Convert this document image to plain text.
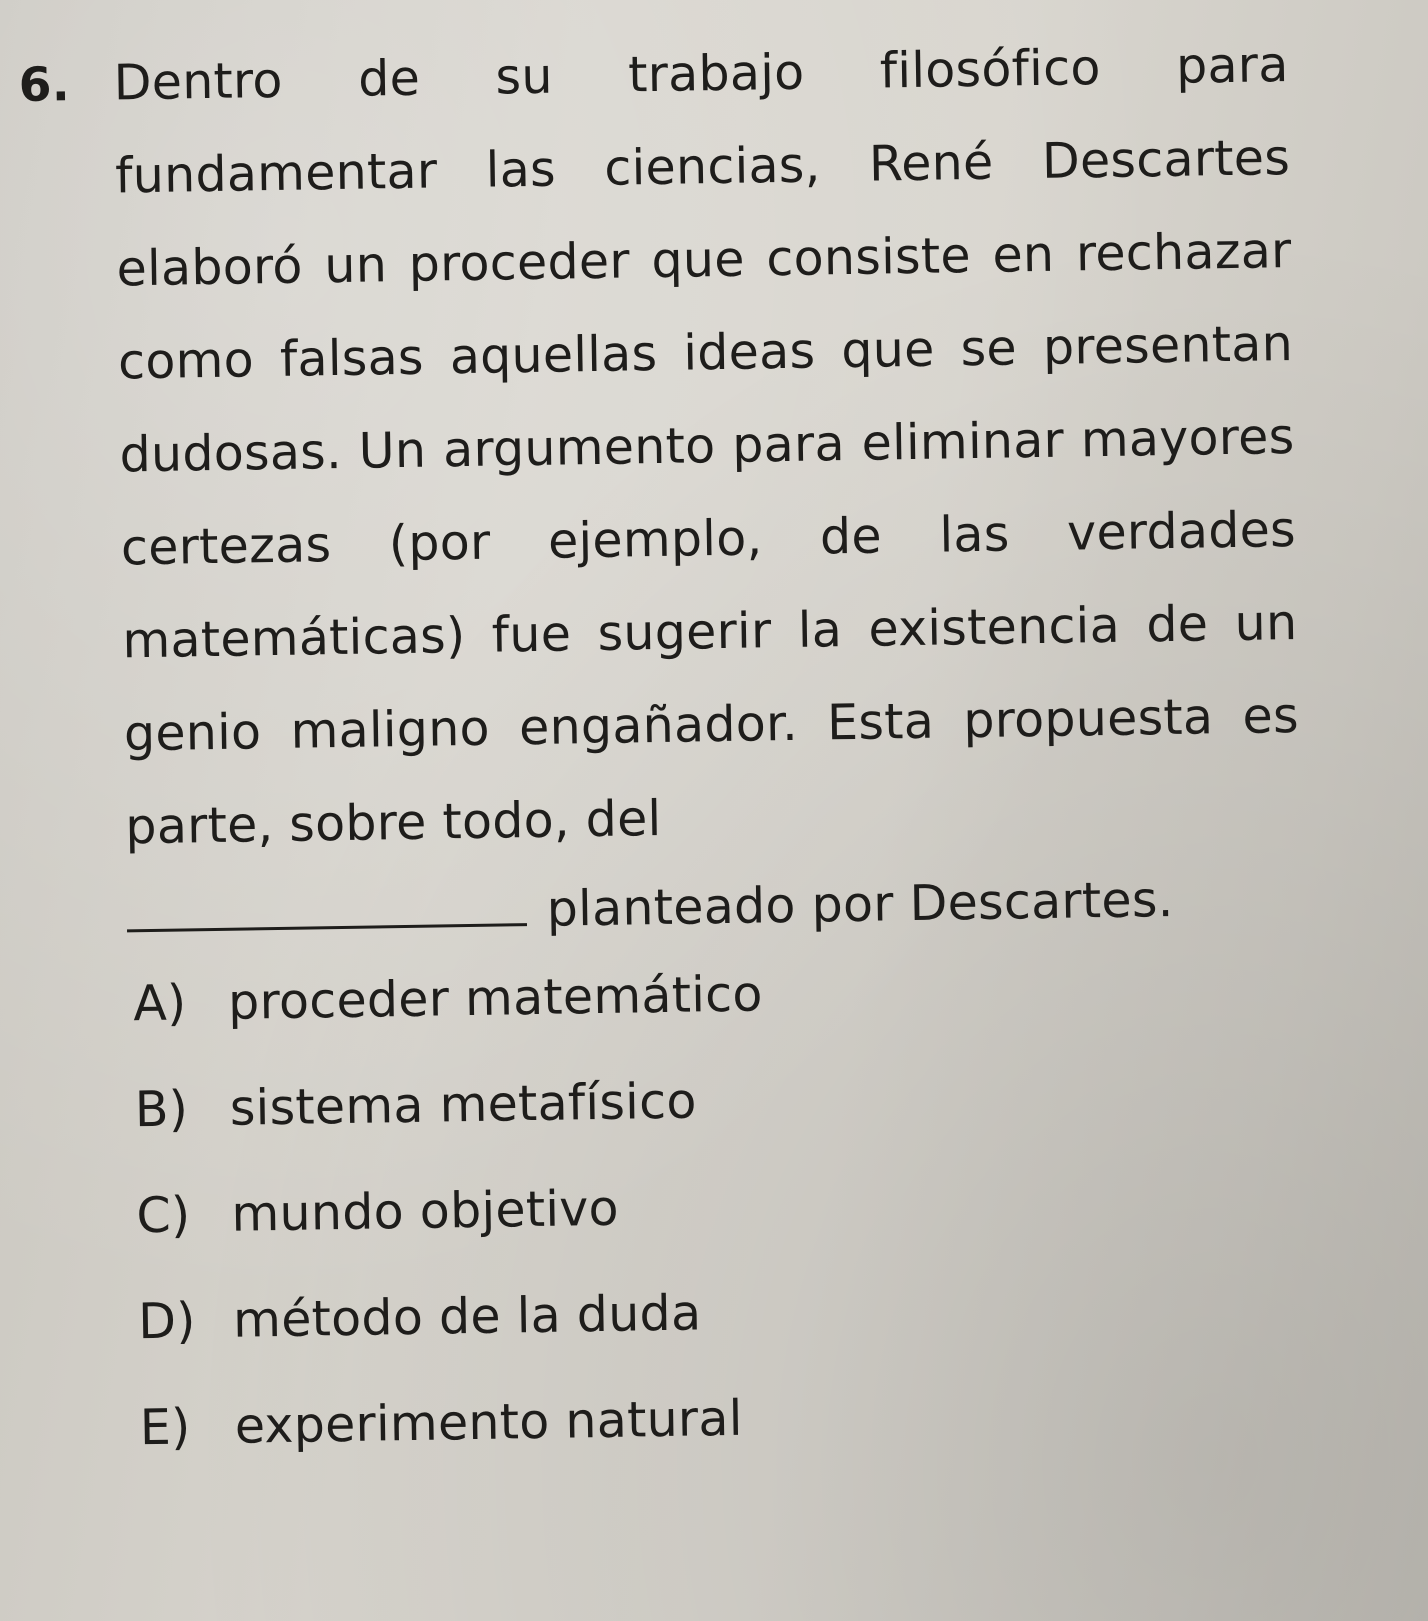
6. Dentro de su trabajo filosófico para fundamentar las ciencias, René Descartes elaboró un proceder que consiste en rechazar como falsas aquellas ideas que se presentan dudosas. Un argumento para eliminar mayores certezas (por ejemplo, de las verdades matemáticas) fue sugerir la existencia de un genio maligno engañador. Esta propuesta es parte, sobre todo, del

planteado por Descartes.
A) proceder matemático
B) sistema metafísico
C) mundo objetivo
D) método de la duda
E) experimento natural
